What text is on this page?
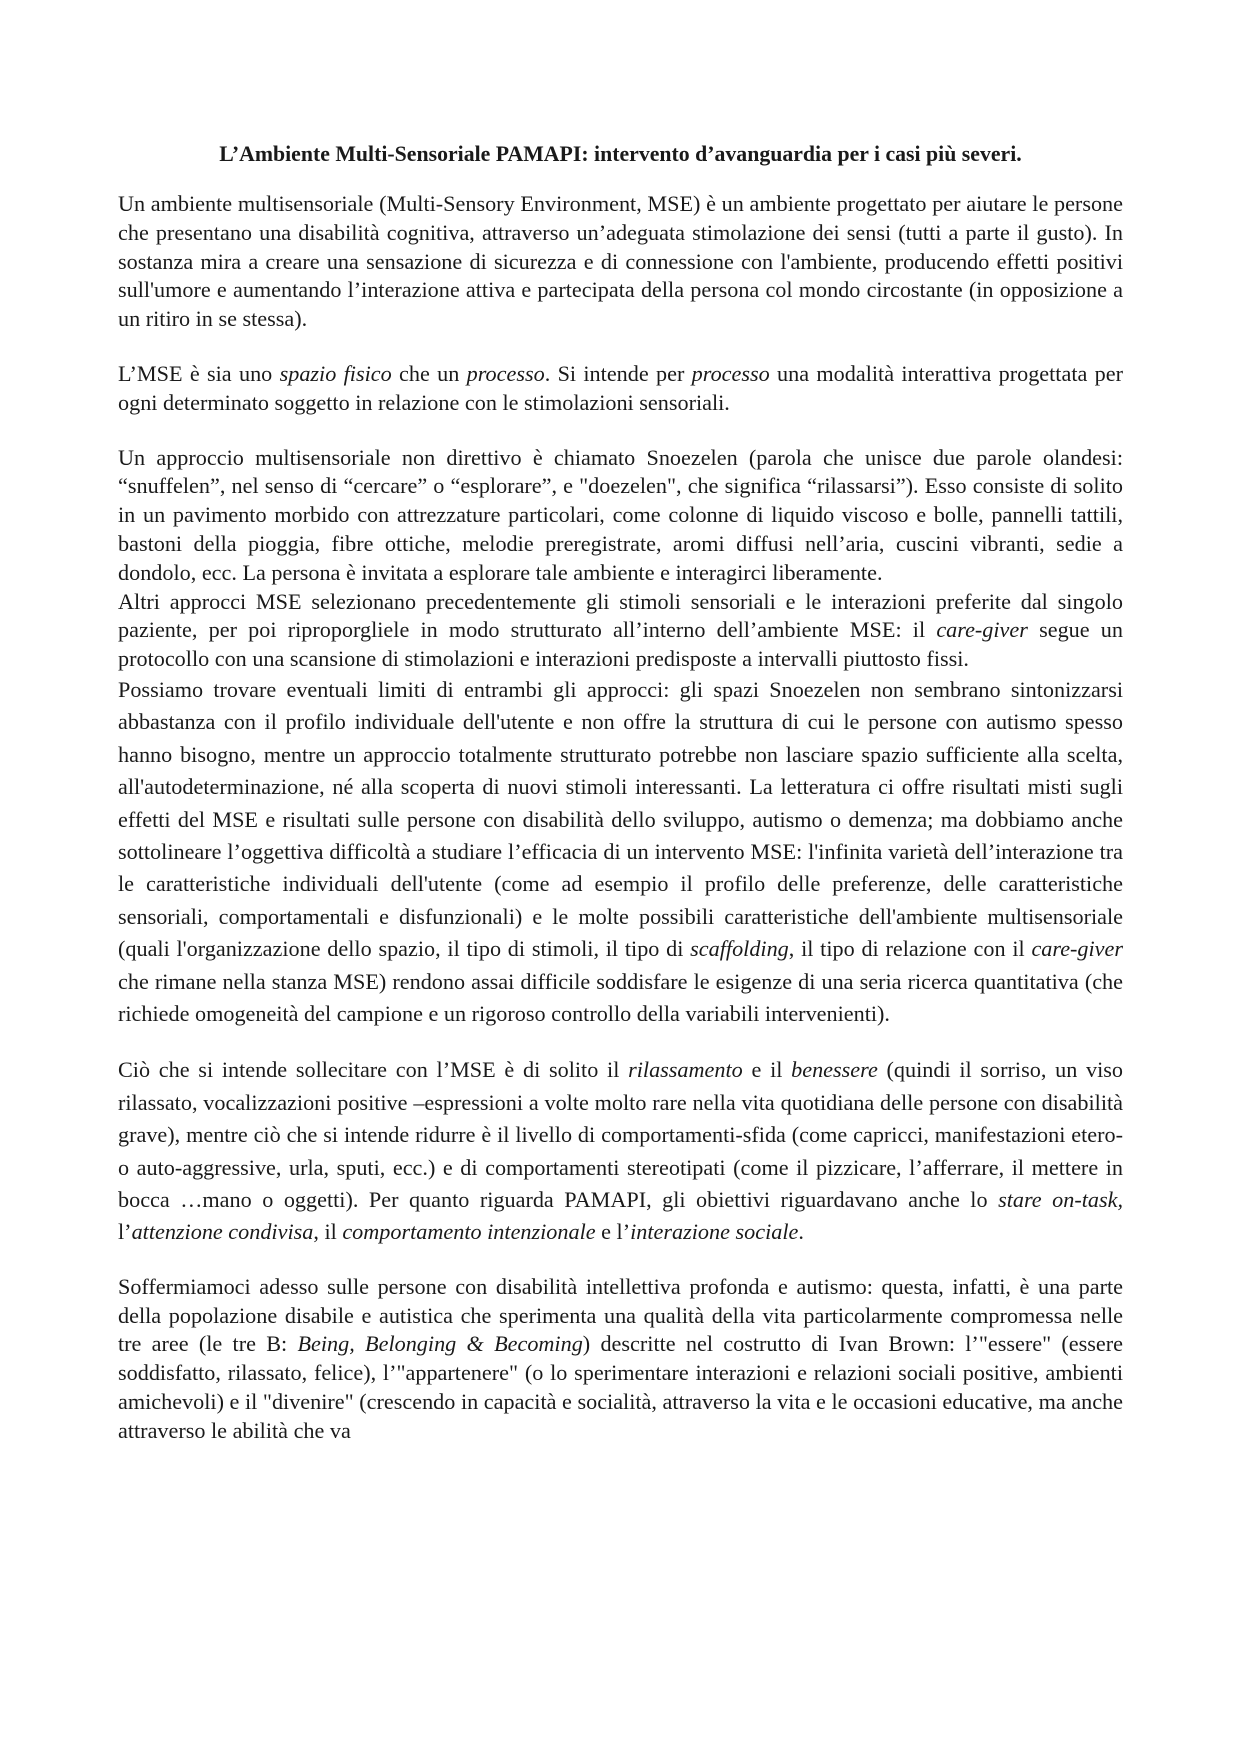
L’Ambiente Multi-Sensoriale PAMAPI: intervento d’avanguardia per i casi più severi.

Un ambiente multisensoriale (Multi-Sensory Environment, MSE) è un ambiente progettato per aiutare le persone che presentano una disabilità cognitiva, attraverso un’adeguata stimolazione dei sensi (tutti a parte il gusto). In sostanza mira a creare una sensazione di sicurezza e di connessione con l'ambiente, producendo effetti positivi sull'umore e aumentando l’interazione attiva e partecipata della persona col mondo circostante (in opposizione a un ritiro in se stessa).

L’MSE è sia uno spazio fisico che un processo. Si intende per processo una modalità interattiva progettata per ogni determinato soggetto in relazione con le stimolazioni sensoriali.

Un approccio multisensoriale non direttivo è chiamato Snoezelen (parola che unisce due parole olandesi: “snuffelen”, nel senso di “cercare” o “esplorare”, e "doezelen", che significa “rilassarsi”). Esso consiste di solito in un pavimento morbido con attrezzature particolari, come colonne di liquido viscoso e bolle, pannelli tattili, bastoni della pioggia, fibre ottiche, melodie preregistrate, aromi diffusi nell’aria, cuscini vibranti, sedie a dondolo, ecc. La persona è invitata a esplorare tale ambiente e interagirci liberamente.

Altri approcci MSE selezionano precedentemente gli stimoli sensoriali e le interazioni preferite dal singolo paziente, per poi riproporgliele in modo strutturato all’interno dell’ambiente MSE: il care-giver segue un protocollo con una scansione di stimolazioni e interazioni predisposte a intervalli piuttosto fissi.

Possiamo trovare eventuali limiti di entrambi gli approcci: gli spazi Snoezelen non sembrano sintonizzarsi abbastanza con il profilo individuale dell'utente e non offre la struttura di cui le persone con autismo spesso hanno bisogno, mentre un approccio totalmente strutturato potrebbe non lasciare spazio sufficiente alla scelta, all'autodeterminazione, né alla scoperta di nuovi stimoli interessanti. La letteratura ci offre risultati misti sugli effetti del MSE e risultati sulle persone con disabilità dello sviluppo, autismo o demenza; ma dobbiamo anche sottolineare l’oggettiva difficoltà a studiare l’efficacia di un intervento MSE: l'infinita varietà dell’interazione tra le caratteristiche individuali dell'utente (come ad esempio il profilo delle preferenze, delle caratteristiche sensoriali, comportamentali e disfunzionali) e le molte possibili caratteristiche dell'ambiente multisensoriale (quali l'organizzazione dello spazio, il tipo di stimoli, il tipo di scaffolding, il tipo di relazione con il care-giver che rimane nella stanza MSE) rendono assai difficile soddisfare le esigenze di una seria ricerca quantitativa (che richiede omogeneità del campione e un rigoroso controllo della variabili intervenienti).

Ciò che si intende sollecitare con l’MSE è di solito il rilassamento e il benessere (quindi il sorriso, un viso rilassato, vocalizzazioni positive –espressioni a volte molto rare nella vita quotidiana delle persone con disabilità grave), mentre ciò che si intende ridurre è il livello di comportamenti-sfida (come capricci, manifestazioni etero- o auto-aggressive, urla, sputi, ecc.) e di comportamenti stereotipati (come il pizzicare, l’afferrare, il mettere in bocca …mano o oggetti). Per quanto riguarda PAMAPI, gli obiettivi riguardavano anche lo stare on-task, l’attenzione condivisa, il comportamento intenzionale e l’interazione sociale.

Soffermiamoci adesso sulle persone con disabilità intellettiva profonda e autismo: questa, infatti, è una parte della popolazione disabile e autistica che sperimenta una qualità della vita particolarmente compromessa nelle tre aree (le tre B: Being, Belonging & Becoming) descritte nel costrutto di Ivan Brown: l’"essere" (essere soddisfatto, rilassato, felice), l’"appartenere" (o lo sperimentare interazioni e relazioni sociali positive, ambienti amichevoli) e il "divenire" (crescendo in capacità e socialità, attraverso la vita e le occasioni educative, ma anche attraverso le abilità che va
